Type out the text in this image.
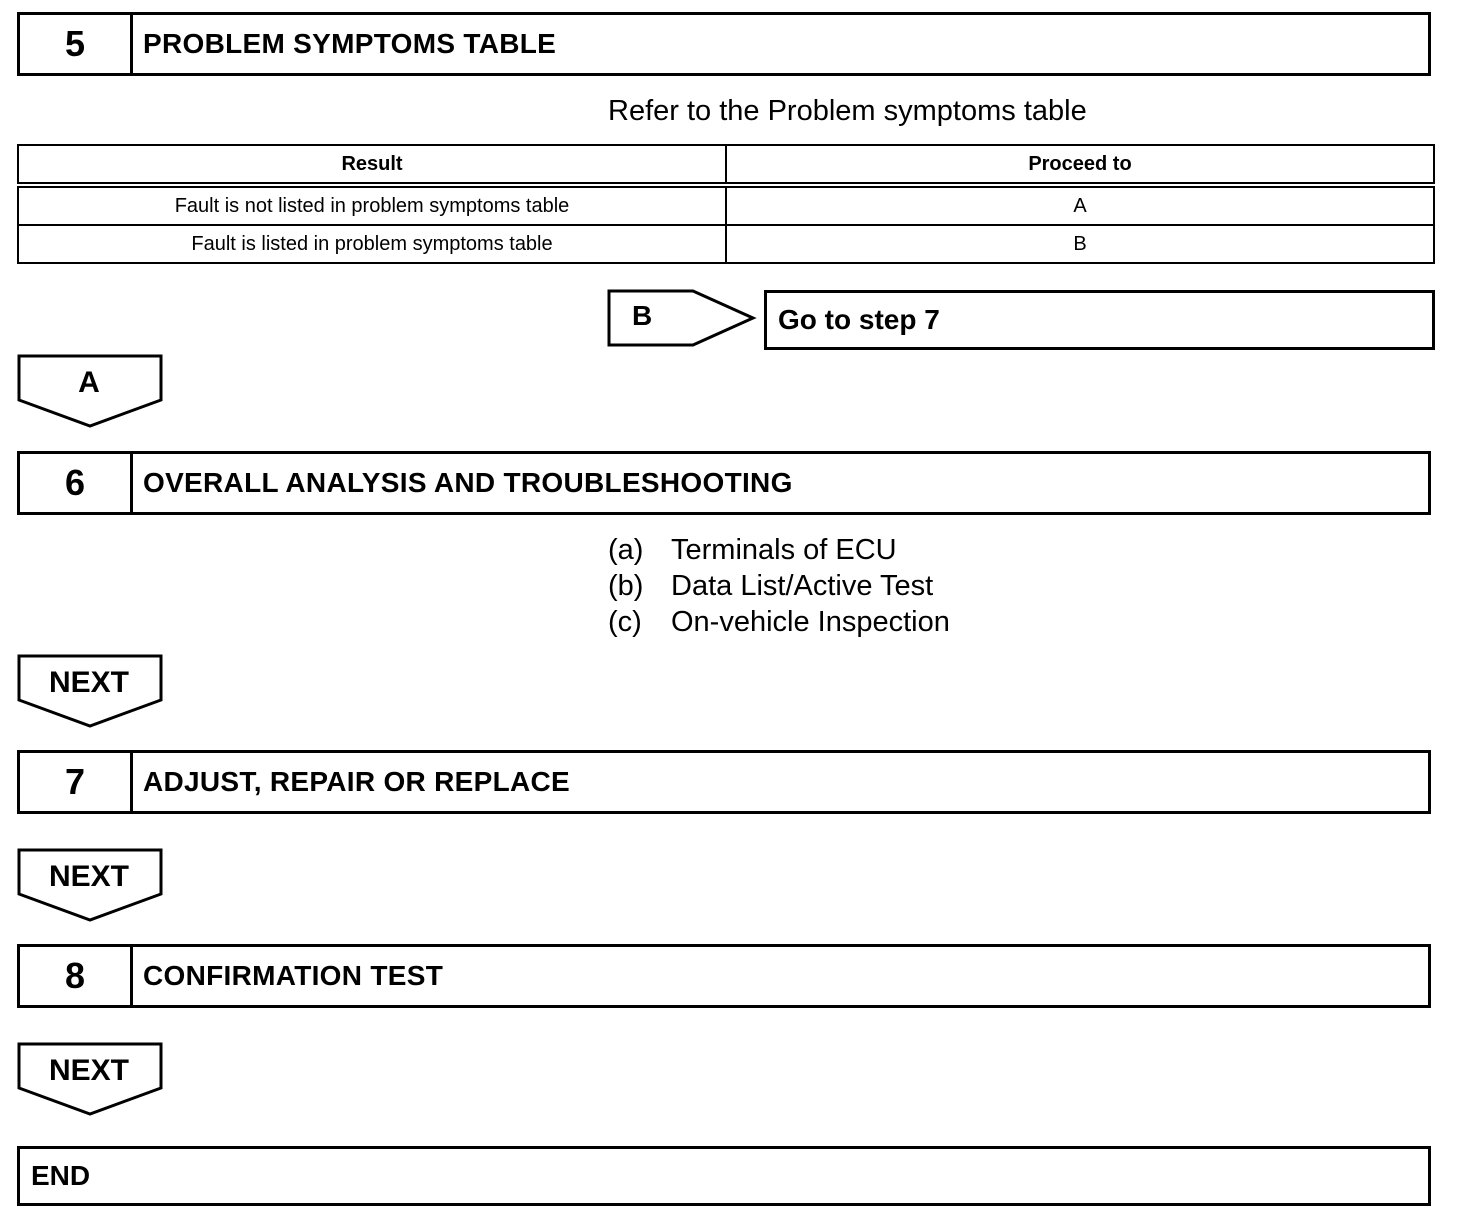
5	PROBLEM SYMPTOMS TABLE
Refer to the Problem symptoms table
Result	Proceed to
Fault is not listed in problem symptoms table	A
Fault is listed in problem symptoms table	B
B	Go to step 7
A
6	OVERALL ANALYSIS AND TROUBLESHOOTING
(a) Terminals of ECU
(b) Data List/Active Test
(c)	On-vehicle Inspection
NEXT
7	ADJUST, REPAIR OR REPLACE
NEXT
8	CONFIRMATION TEST
NEXT
END
